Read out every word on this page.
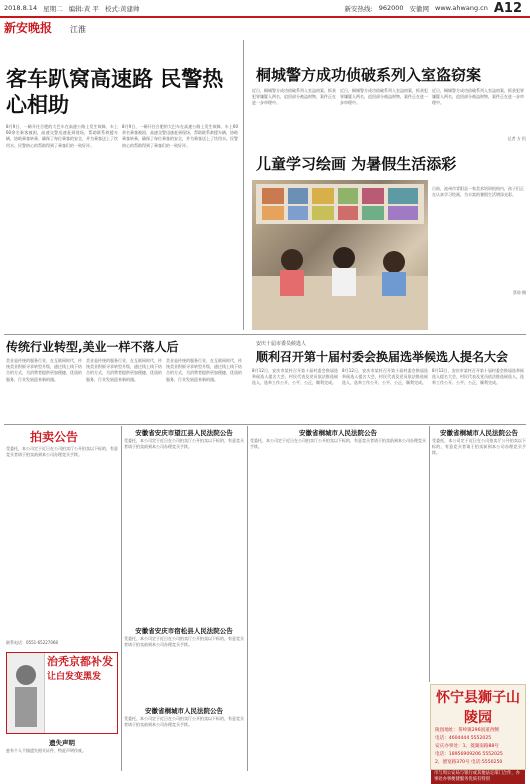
2018.8.14 星期二 编辑:黄 平 校式:黄建帅	新安热线: 962000 安徽网 www.ahwang.cn A12
新安晚报	江淮
客车趴窝高速路 民警热心相助
8月9日，一辆开往合肥的大巴车在高速公路上发生故障，车上60余名乘客被困，高速交警迅速赶到现场，帮助联系救援车辆，协助乘客转乘，确保了每位乘客的安全，并为乘客送上了饮用水。民警热心的帮助得到了乘客们的一致好评。
8月9日，一辆开往合肥的大巴车在高速公路上发生故障，车上60余名乘客被困，高速交警迅速赶到现场，帮助联系救援车辆，协助乘客转乘，确保了每位乘客的安全，并为乘客送上了饮用水。民警热心的帮助得到了乘客们的一致好评。
桐城警方成功侦破系列入室盗窃案
近日，桐城警方成功侦破系列入室盗窃案，抓获犯罪嫌疑人两名，追回部分被盗财物，案件正在进一步审理中。
近日，桐城警方成功侦破系列入室盗窃案，抓获犯罪嫌疑人两名，追回部分被盗财物，案件正在进一步审理中。
近日，桐城警方成功侦破系列入室盗窃案，抓获犯罪嫌疑人两名，追回部分被盗财物，案件正在进一步审理中。
记者 方 恒
儿童学习绘画 为暑假生活添彩
日前，池州市青阳县一家美术培训机构内，孩子们正在认真学习绘画，为丰富的暑假生活增添光彩。
蔡琼 摄
传统行业转型,美业一样不落人后
美业是传统的服务行业，在互联网时代，传统美业积极寻求转型升级，通过线上线下结合的方式，为消费者提供更加便捷、优质的服务，行业发展迎来新机遇。
美业是传统的服务行业，在互联网时代，传统美业积极寻求转型升级，通过线上线下结合的方式，为消费者提供更加便捷、优质的服务，行业发展迎来新机遇。
美业是传统的服务行业，在互联网时代，传统美业积极寻求转型升级，通过线上线下结合的方式，为消费者提供更加便捷、优质的服务，行业发展迎来新机遇。
安庆十届市委员候选人
顺利召开第十届村委会换届选举候选人提名大会
8月12日，安庆市某村召开第十届村委会换届选举候选人提名大会，村民代表及党员依法推选候选人，选举工作公开、公平、公正，顺利完成。
8月12日，安庆市某村召开第十届村委会换届选举候选人提名大会，村民代表及党员依法推选候选人，选举工作公开、公平、公正，顺利完成。
8月12日，安庆市某村召开第十届村委会换届选举候选人提名大会，村民代表及党员依法推选候选人，选举工作公开、公平、公正，顺利完成。
拍卖公告
受委托，本公司定于近日在公司拍卖厅公开拍卖以下标的，有意竞买者请于拍卖前到本公司办理竞买手续。
联系电话：0551-65227068
治秃京都补发
让白发变黑发
遗失声明
兹有个人不慎遗失相关证件，特此声明作废。
安徽省安庆市望江县人民法院公告
受委托，本公司定于近日在公司拍卖厅公开拍卖以下标的，有意竞买者请于拍卖前到本公司办理竞买手续。
安徽省安庆市宿松县人民法院公告
受委托，本公司定于近日在公司拍卖厅公开拍卖以下标的，有意竞买者请于拍卖前到本公司办理竞买手续。
安徽省桐城市人民法院公告
受委托，本公司定于近日在公司拍卖厅公开拍卖以下标的，有意竞买者请于拍卖前到本公司办理竞买手续。
安徽省桐城市人民法院公告
受委托，本公司定于近日在公司拍卖厅公开拍卖以下标的，有意竞买者请于拍卖前到本公司办理竞买手续。
安徽省桐城市人民法院公告
受委托，本公司定于近日在公司拍卖厅公开拍卖以下标的，有意竞买者请于拍卖前到本公司办理竞买手续。
怀宁县狮子山陵园
陵园地址：茶岭镇296国道西侧
电话：4604444 5552025
安庆办事处：1、菱湖南路88号
电话：18956909206 5552025
2、德宽路370号 电话:5550250
市与周公安局与银行或其他法定部门合作，办事处办事便捷服务优质有特别
